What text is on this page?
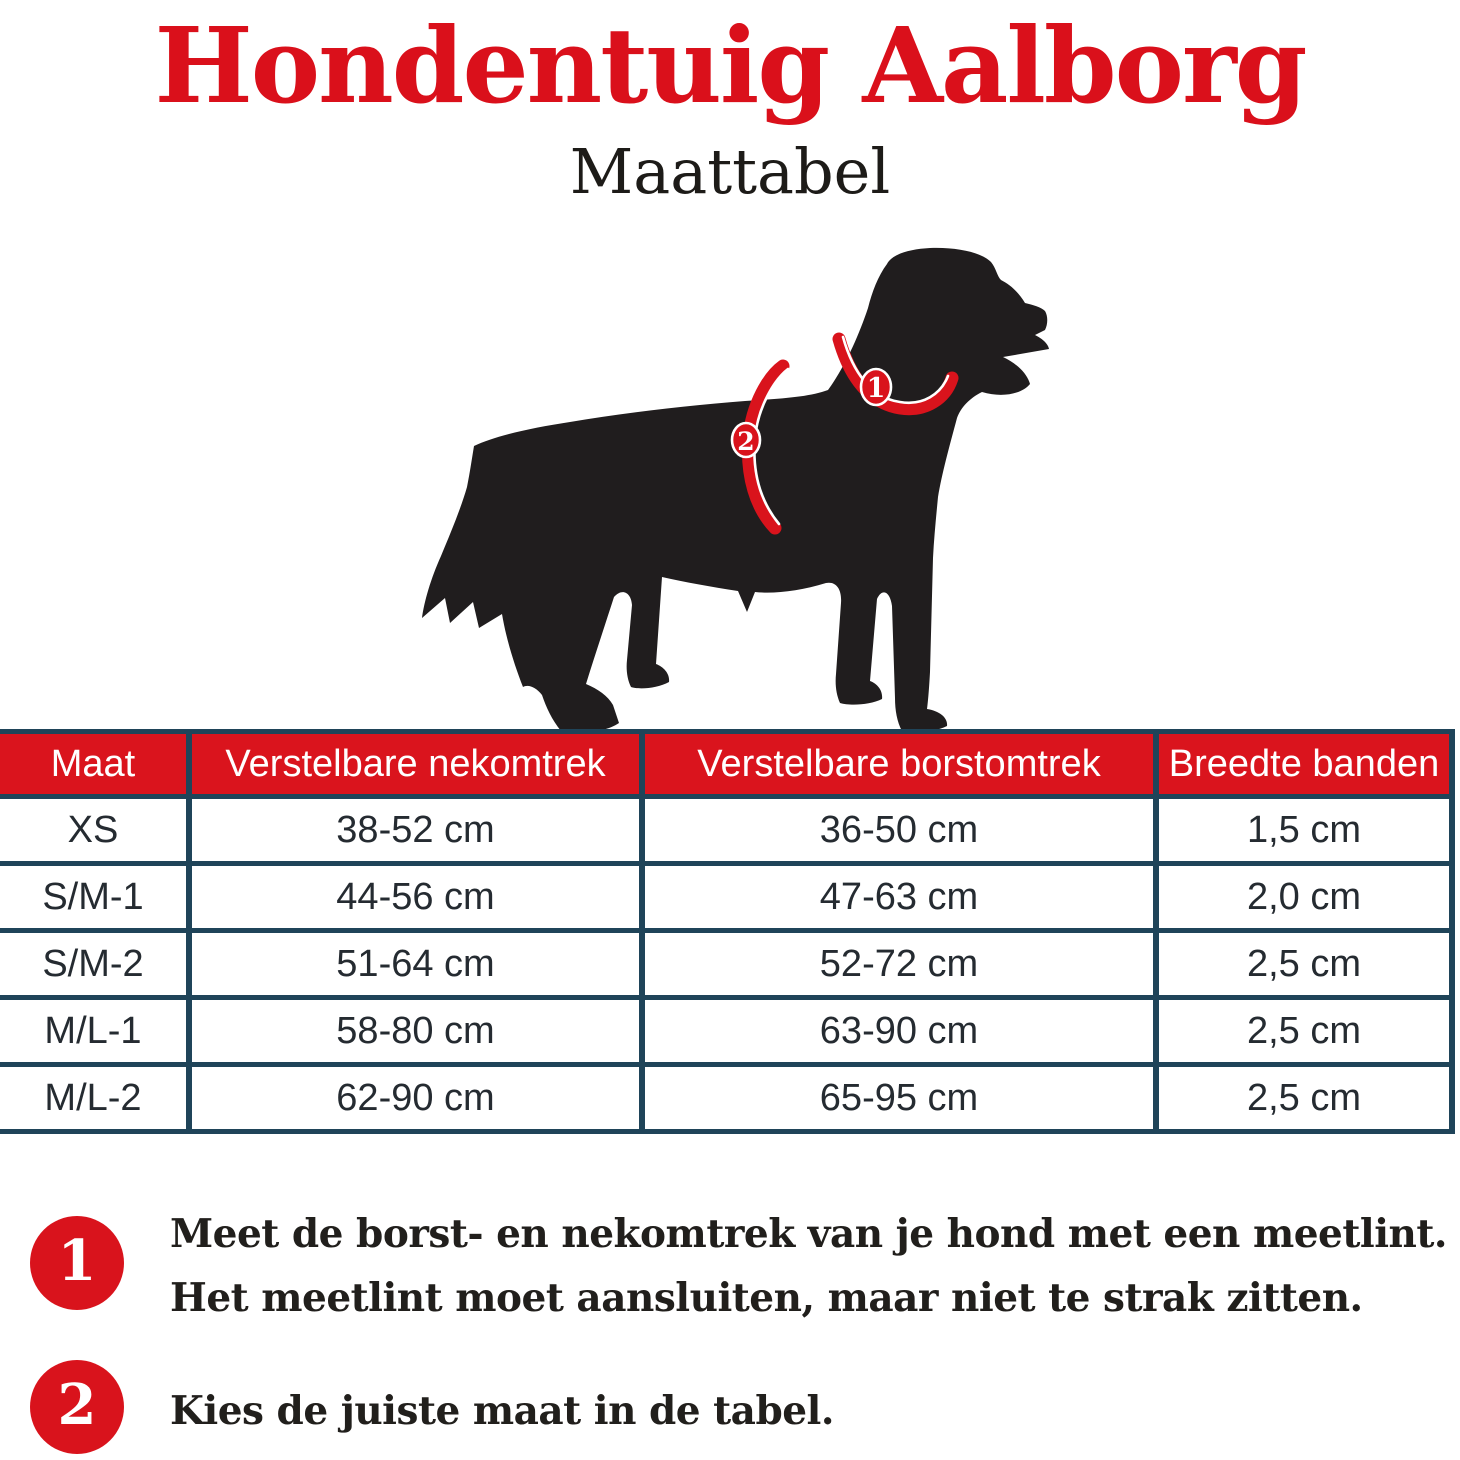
Hondentuig Aalborg
Maattabel
1
2
Maat	Verstelbare nekomtrek	Verstelbare borstomtrek	Breedte banden
XS	38-52 cm	36-50 cm	1,5 cm
S/M-1	44-56 cm	47-63 cm	2,0 cm
S/M-2	51-64 cm	52-72 cm	2,5 cm
M/L-1	58-80 cm	63-90 cm	2,5 cm
M/L-2	62-90 cm	65-95 cm	2,5 cm
1	Meet de borst- en nekomtrek van je hond met een meetlint.
Het meetlint moet aansluiten, maar niet te strak zitten.
2	Kies de juiste maat in de tabel.
